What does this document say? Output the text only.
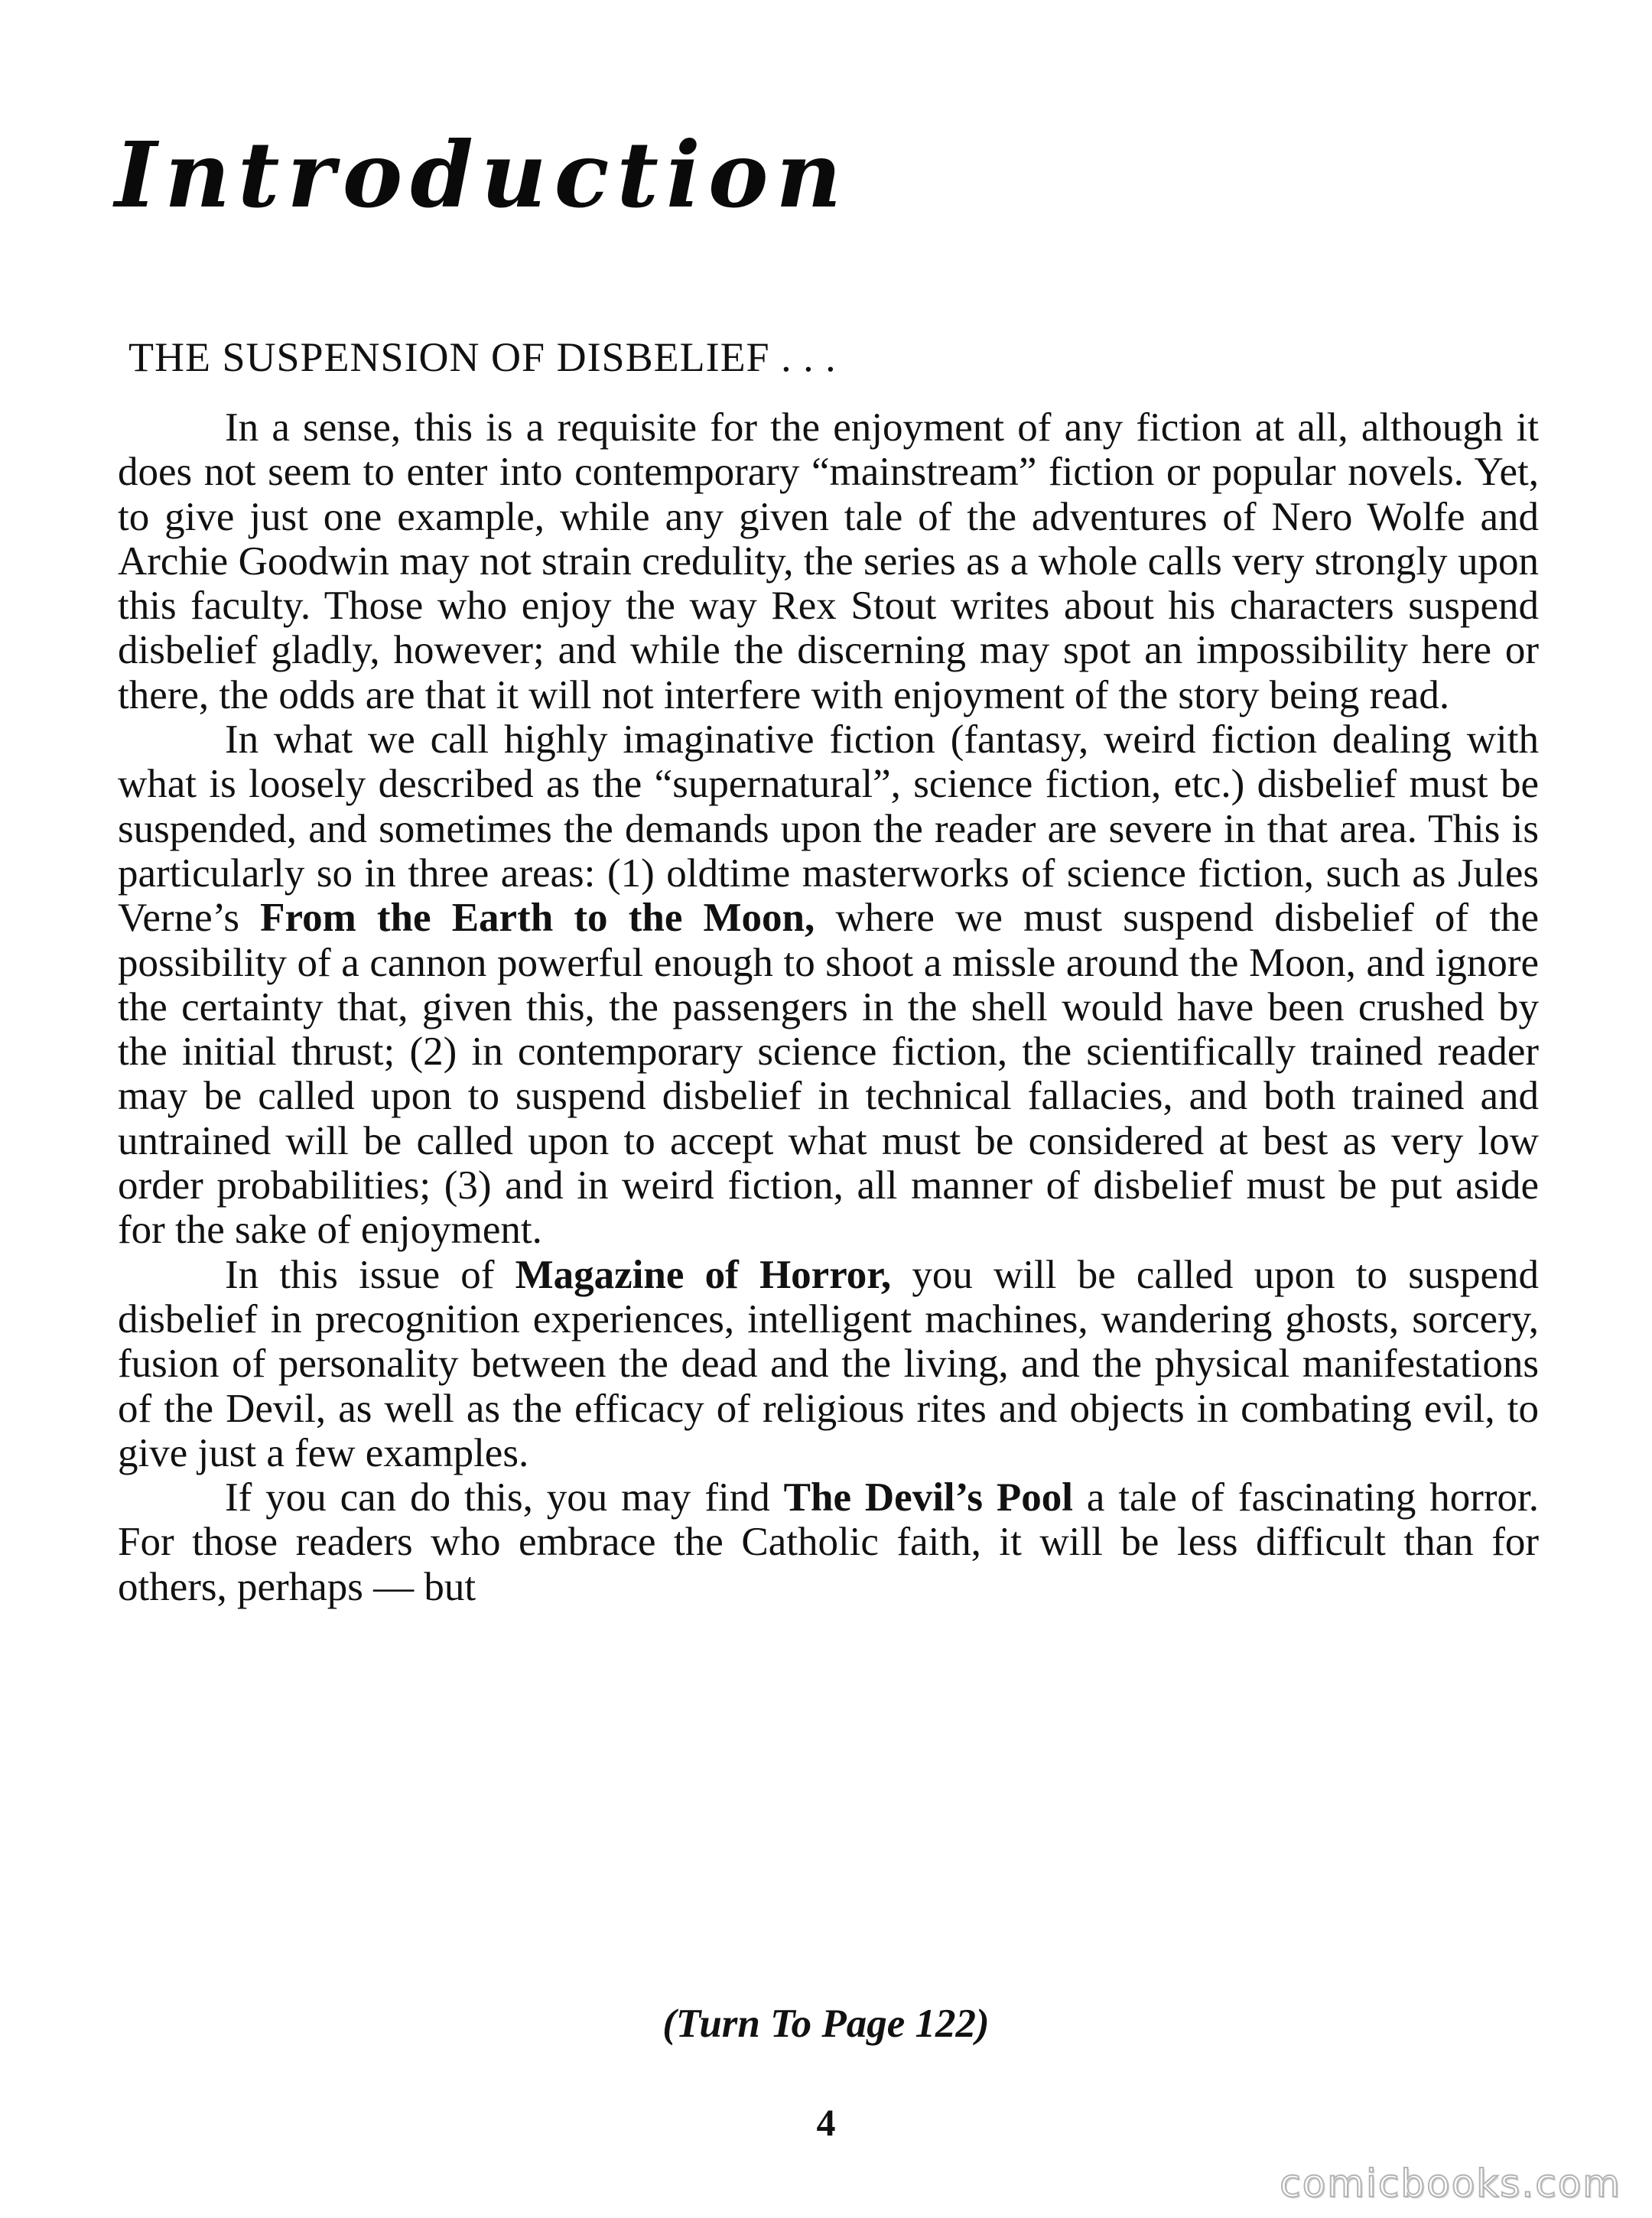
Introduction
THE SUSPENSION OF DISBELIEF . . .

In a sense, this is a requisite for the enjoyment of any fiction at all, although it does not seem to enter into contemporary “mainstream” fiction or popular novels. Yet, to give just one example, while any given tale of the adventures of Nero Wolfe and Archie Goodwin may not strain credulity, the series as a whole calls very strongly upon this faculty. Those who enjoy the way Rex Stout writes about his characters suspend disbelief gladly, however; and while the discerning may spot an impossibility here or there, the odds are that it will not interfere with enjoyment of the story being read.

In what we call highly imaginative fiction (fantasy, weird fiction dealing with what is loosely described as the “supernatural”, science fiction, etc.) disbelief must be suspended, and sometimes the demands upon the reader are severe in that area. This is particularly so in three areas: (1) oldtime masterworks of science fiction, such as Jules Verne’s From the Earth to the Moon, where we must suspend disbelief of the possibility of a cannon powerful enough to shoot a missle around the Moon, and ignore the certainty that, given this, the passengers in the shell would have been crushed by the initial thrust; (2) in contemporary science fiction, the scientifically trained reader may be called upon to suspend disbelief in technical fallacies, and both trained and untrained will be called upon to accept what must be considered at best as very low order probabilities; (3) and in weird fiction, all manner of disbelief must be put aside for the sake of enjoyment.

In this issue of Magazine of Horror, you will be called upon to suspend disbelief in precognition experiences, intelligent machines, wandering ghosts, sorcery, fusion of personality between the dead and the living, and the physical manifestations of the Devil, as well as the efficacy of religious rites and objects in combating evil, to give just a few examples.

If you can do this, you may find The Devil’s Pool a tale of fascinating horror. For those readers who embrace the Catholic faith, it will be less difficult than for others, perhaps — but

(Turn To Page 122)
4
comicbooks.com
